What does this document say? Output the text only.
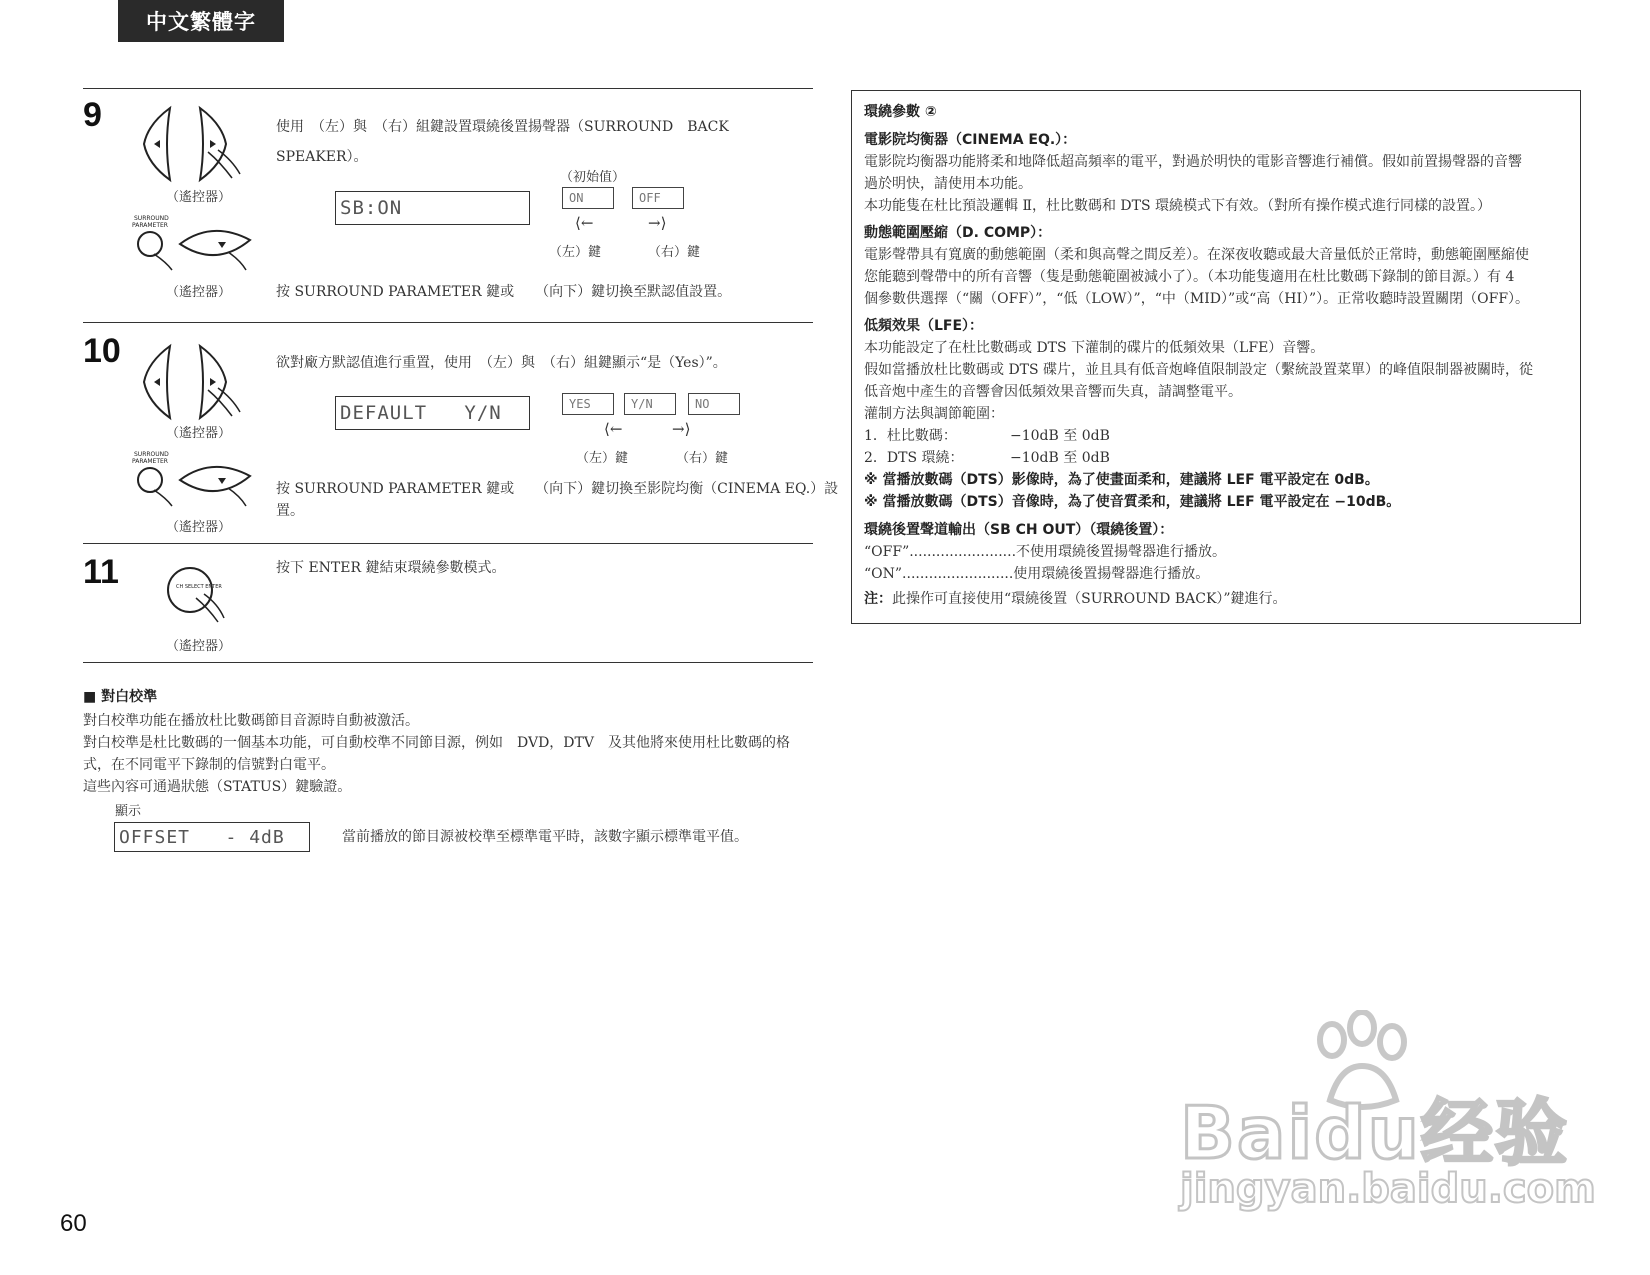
中文繁體字
9
（遙控器）
SURROUND
PARAMETER
（遙控器）
使用　（左）與　（右）組鍵設置環繞後置揚聲器（SURROUND　BACK
SPEAKER）。
（初始值）
SB:ON	ON	OFF
⟨←	→⟩
（左）鍵	（右）鍵
按 SURROUND PARAMETER 鍵或　　（向下）鍵切換至默認值設置。
10
（遙控器）
SURROUND
PARAMETER
（遙控器）
欲對廠方默認值進行重置，使用　（左）與　（右）組鍵顯示“是（Yes）”。
DEFAULT   Y/N	YES	Y/N	NO
⟨←	→⟩
（左）鍵	（右）鍵
按 SURROUND PARAMETER 鍵或　　（向下）鍵切換至影院均衡（CINEMA EQ.）設
置。
11	CH SELECT ENTER
（遙控器）
按下 ENTER 鍵結束環繞參數模式。
■ 對白校準
對白校準功能在播放杜比數碼節目音源時自動被激活。
對白校準是杜比數碼的一個基本功能，可自動校準不同節目源，例如　DVD，DTV　及其他將來使用杜比數碼的格
式，在不同電平下錄制的信號對白電平。
這些內容可通過狀態（STATUS）鍵驗證。
顯示
OFFSET   - 4dB	當前播放的節目源被校準至標準電平時，該數字顯示標準電平值。
環繞參數 ②
電影院均衡器（CINEMA EQ.）：
電影院均衡器功能將柔和地降低超高頻率的電平，對過於明快的電影音響進行補償。假如前置揚聲器的音響
過於明快，請使用本功能。
本功能隻在杜比預設邏輯 Ⅱ，杜比數碼和 DTS 環繞模式下有效。（對所有操作模式進行同樣的設置。）
動態範圍壓縮（D. COMP）：
電影聲帶具有寬廣的動態範圍（柔和與高聲之間反差）。在深夜收聽或最大音量低於正常時，動態範圍壓縮使
您能聽到聲帶中的所有音響（隻是動態範圍被減小了）。（本功能隻適用在杜比數碼下錄制的節目源。）有 4
個參數供選擇（“關（OFF）”，“低（LOW）”，“中（MID）”或“高（HI）”）。正常收聽時設置關閉（OFF）。
低頻效果（LFE）：
本功能設定了在杜比數碼或 DTS 下灌制的碟片的低頻效果（LFE）音響。
假如當播放杜比數碼或 DTS 碟片，並且具有低音炮峰值限制設定（繫統設置菜單）的峰值限制器被關時，從
低音炮中產生的音響會因低頻效果音響而失真，請調整電平。
灌制方法與調節範圍：
1．杜比數碼：	−10dB 至 0dB
2．DTS 環繞：	−10dB 至 0dB
※ 當播放數碼（DTS）影像時，為了使畫面柔和，建議將 LEF 電平設定在 0dB。
※ 當播放數碼（DTS）音像時，為了使音質柔和，建議將 LEF 電平設定在 −10dB。
環繞後置聲道輸出（SB CH OUT）（環繞後置）：
“OFF”........................不使用環繞後置揚聲器進行播放。
“ON”.........................使用環繞後置揚聲器進行播放。
注：此操作可直接使用“環繞後置（SURROUND BACK）”鍵進行。
60
Baidu经验
jingyan.baidu.com
